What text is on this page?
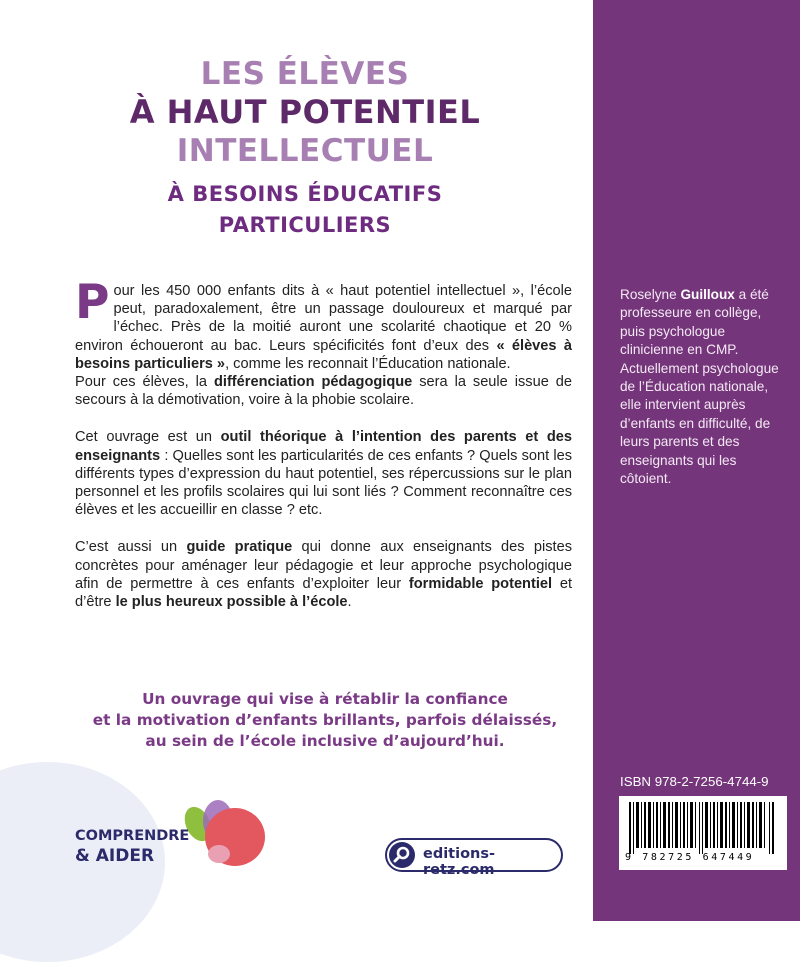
LES ÉLÈVES
À HAUT POTENTIEL
INTELLECTUEL
À BESOINS ÉDUCATIFS
PARTICULIERS

Pour les 450 000 enfants dits à « haut potentiel intellectuel », l’école peut, paradoxalement, être un passage douloureux et marqué par l’échec. Près de la moitié auront une scolarité chaotique et 20 % environ échoueront au bac. Leurs spécificités font d’eux des « élèves à besoins particuliers », comme les reconnait l’Éducation nationale.

Pour ces élèves, la différenciation pédagogique sera la seule issue de secours à la démotivation, voire à la phobie scolaire.

Cet ouvrage est un outil théorique à l’intention des parents et des enseignants : Quelles sont les particularités de ces enfants ? Quels sont les différents types d’expression du haut potentiel, ses répercussions sur le plan personnel et les profils scolaires qui lui sont liés ? Comment reconnaître ces élèves et les accueillir en classe ? etc.

C’est aussi un guide pratique qui donne aux enseignants des pistes concrètes pour aménager leur pédagogie et leur approche psychologique afin de permettre à ces enfants d’exploiter leur formidable potentiel et d’être le plus heureux possible à l’école.

Un ouvrage qui vise à rétablir la confiance
et la motivation d’enfants brillants, parfois délaissés,
au sein de l’école inclusive d’aujourd’hui.
Roselyne Guilloux a été professeure en collège, puis psychologue clinicienne en CMP. Actuellement psychologue de l’Éducation nationale, elle intervient auprès d’enfants en difficulté, de leurs parents et des enseignants qui les côtoient.
ISBN 978-2-7256-4744-9
9 782725 647449
COMPRENDRE
& AIDER	editions-retz.com
